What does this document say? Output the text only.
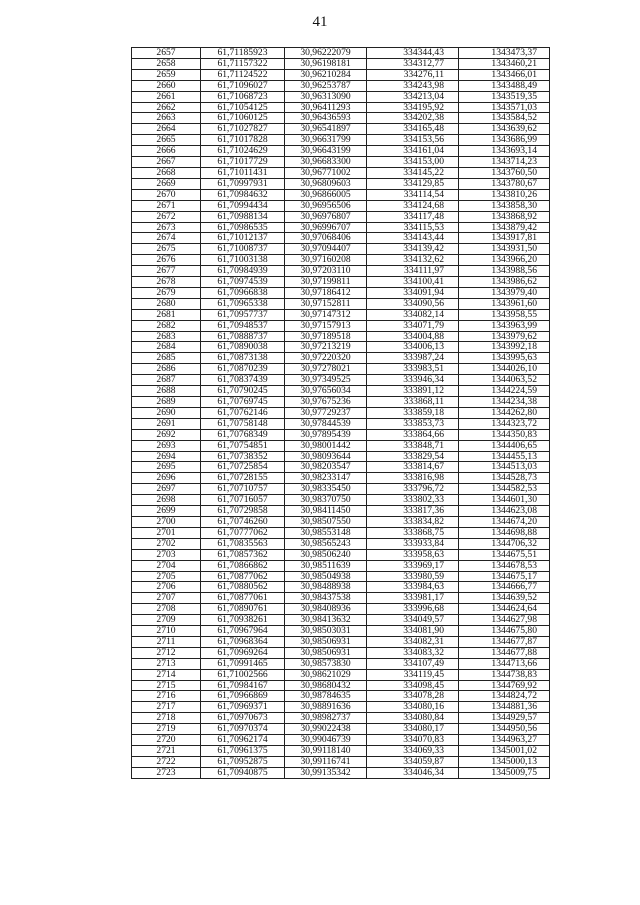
41
2657	61,71185923	30,96222079	334344,43	1343473,37
2658	61,71157322	30,96198181	334312,77	1343460,21
2659	61,71124522	30,96210284	334276,11	1343466,01
2660	61,71096027	30,96253787	334243,98	1343488,49
2661	61,71068723	30,96313090	334213,04	1343519,35
2662	61,71054125	30,96411293	334195,92	1343571,03
2663	61,71060125	30,96436593	334202,38	1343584,52
2664	61,71027827	30,96541897	334165,48	1343639,62
2665	61,71017828	30,96631799	334153,56	1343686,99
2666	61,71024629	30,96643199	334161,04	1343693,14
2667	61,71017729	30,96683300	334153,00	1343714,23
2668	61,71011431	30,96771002	334145,22	1343760,50
2669	61,70997931	30,96809603	334129,85	1343780,67
2670	61,70984632	30,96866005	334114,54	1343810,26
2671	61,70994434	30,96956506	334124,68	1343858,30
2672	61,70988134	30,96976807	334117,48	1343868,92
2673	61,70986535	30,96996707	334115,53	1343879,42
2674	61,71012137	30,97068406	334143,44	1343917,81
2675	61,71008737	30,97094407	334139,42	1343931,50
2676	61,71003138	30,97160208	334132,62	1343966,20
2677	61,70984939	30,97203110	334111,97	1343988,56
2678	61,70974539	30,97199811	334100,41	1343986,62
2679	61,70966838	30,97186412	334091,94	1343979,40
2680	61,70965338	30,97152811	334090,56	1343961,60
2681	61,70957737	30,97147312	334082,14	1343958,55
2682	61,70948537	30,97157913	334071,79	1343963,99
2683	61,70888737	30,97189518	334004,88	1343979,62
2684	61,70890038	30,97213219	334006,13	1343992,18
2685	61,70873138	30,97220320	333987,24	1343995,63
2686	61,70870239	30,97278021	333983,51	1344026,10
2687	61,70837439	30,97349525	333946,34	1344063,52
2688	61,70790245	30,97656034	333891,12	1344224,59
2689	61,70769745	30,97675236	333868,11	1344234,38
2690	61,70762146	30,97729237	333859,18	1344262,80
2691	61,70758148	30,97844539	333853,73	1344323,72
2692	61,70768349	30,97895439	333864,66	1344350,83
2693	61,70754851	30,98001442	333848,71	1344406,65
2694	61,70738352	30,98093644	333829,54	1344455,13
2695	61,70725854	30,98203547	333814,67	1344513,03
2696	61,70728155	30,98233147	333816,98	1344528,73
2697	61,70710757	30,98335450	333796,72	1344582,53
2698	61,70716057	30,98370750	333802,33	1344601,30
2699	61,70729858	30,98411450	333817,36	1344623,08
2700	61,70746260	30,98507550	333834,82	1344674,20
2701	61,70777062	30,98553148	333868,75	1344698,88
2702	61,70835563	30,98565243	333933,84	1344706,32
2703	61,70857362	30,98506240	333958,63	1344675,51
2704	61,70866862	30,98511639	333969,17	1344678,53
2705	61,70877062	30,98504938	333980,59	1344675,17
2706	61,70880562	30,98488938	333984,63	1344666,77
2707	61,70877061	30,98437538	333981,17	1344639,52
2708	61,70890761	30,98408936	333996,68	1344624,64
2709	61,70938261	30,98413632	334049,57	1344627,98
2710	61,70967964	30,98503031	334081,90	1344675,80
2711	61,70968364	30,98506931	334082,31	1344677,87
2712	61,70969264	30,98506931	334083,32	1344677,88
2713	61,70991465	30,98573830	334107,49	1344713,66
2714	61,71002566	30,98621029	334119,45	1344738,83
2715	61,70984167	30,98680432	334098,45	1344769,92
2716	61,70966869	30,98784635	334078,28	1344824,72
2717	61,70969371	30,98891636	334080,16	1344881,36
2718	61,70970673	30,98982737	334080,84	1344929,57
2719	61,70970374	30,99022438	334080,17	1344950,56
2720	61,70962174	30,99046739	334070,83	1344963,27
2721	61,70961375	30,99118140	334069,33	1345001,02
2722	61,70952875	30,99116741	334059,87	1345000,13
2723	61,70940875	30,99135342	334046,34	1345009,75
